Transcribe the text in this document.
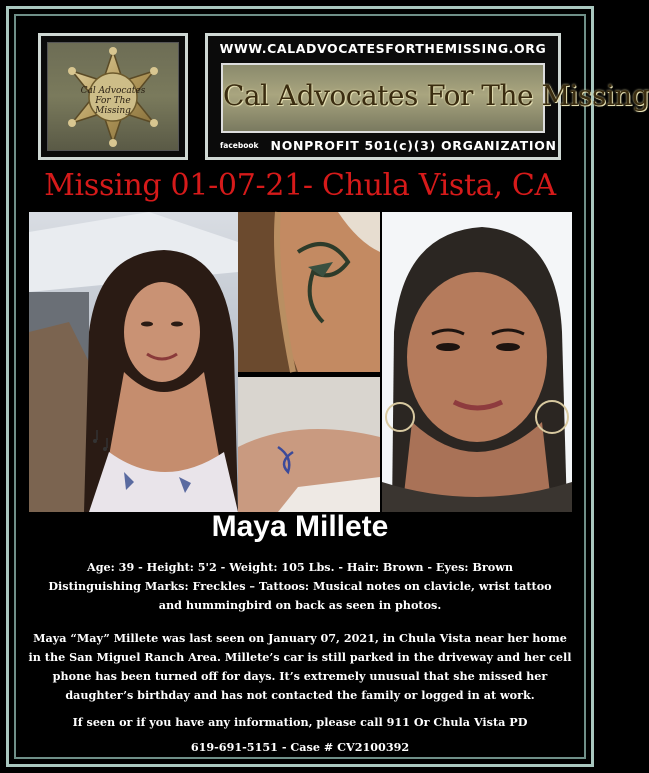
Cal Advocates
For The
Missing
WWW.CALADVOCATESFORTHEMISSING.ORG
Cal Advocates For The Missing
facebook NONPROFIT 501(c)(3) ORGANIZATION
Missing 01-07-21- Chula Vista, CA
Maya Millete
Age: 39 - Height: 5'2 - Weight: 105 Lbs. - Hair: Brown - Eyes: Brown
Distinguishing Marks: Freckles – Tattoos: Musical notes on clavicle, wrist tattoo
and hummingbird on back as seen in photos.
Maya “May” Millete was last seen on January 07, 2021, in Chula Vista near her home
in the San Miguel Ranch Area. Millete’s car is still parked in the driveway and her cell
phone has been turned off for days. It’s extremely unusual that she missed her
daughter’s birthday and has not contacted the family or logged in at work.
If seen or if you have any information, please call 911 Or Chula Vista PD
619-691-5151 - Case # CV2100392
